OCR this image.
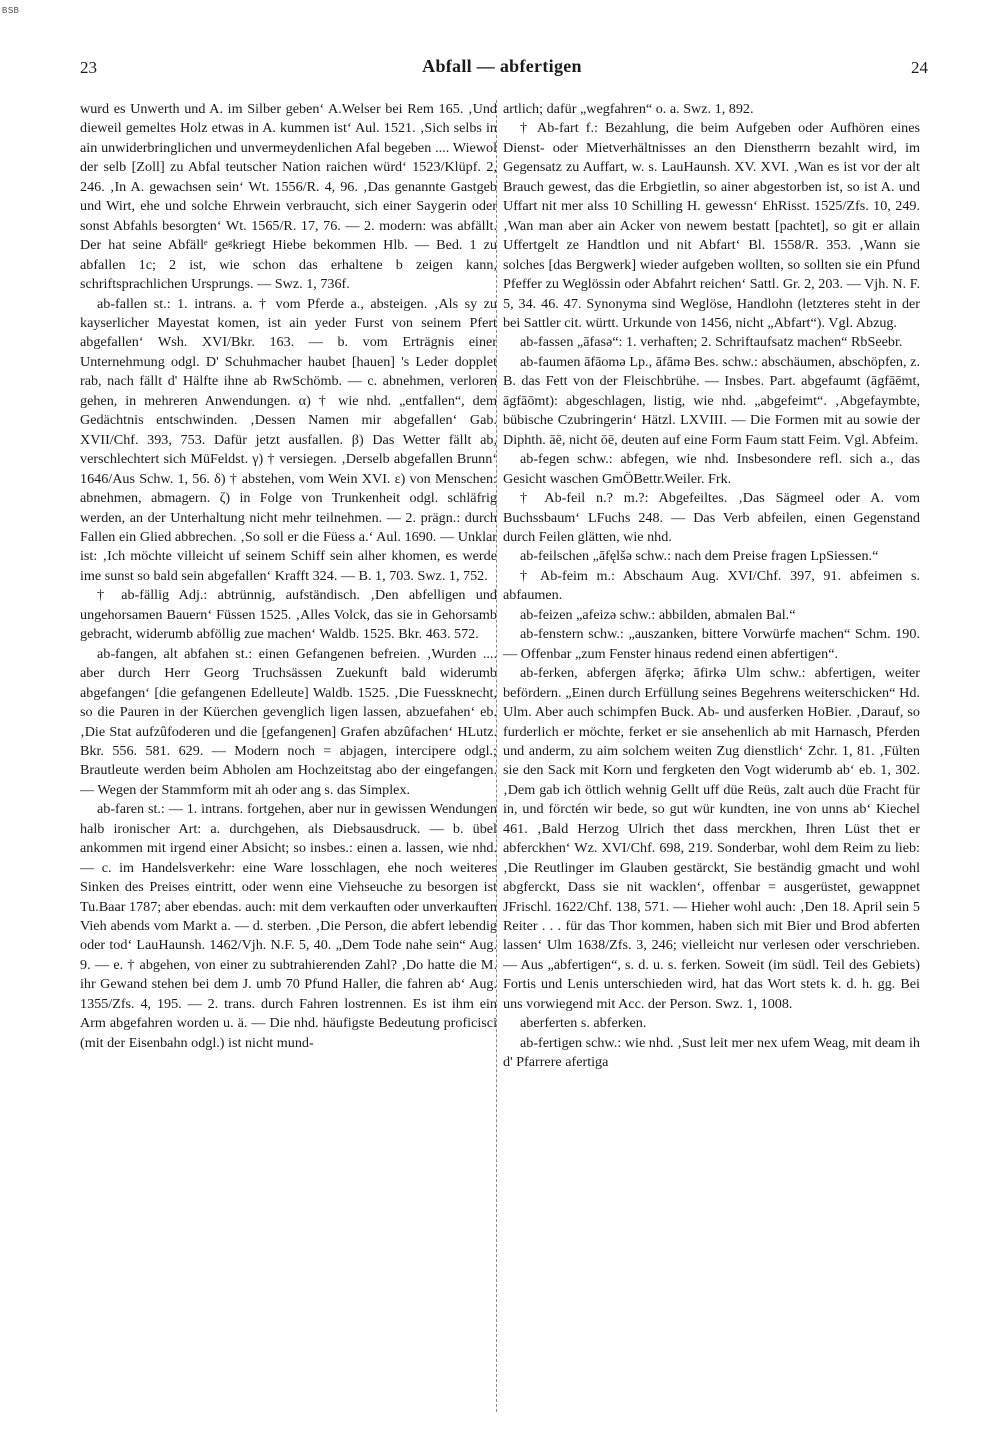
BSB
23	Abfall — abfertigen	24

wurd es Unwerth und A. im Silber geben‘ A.Welser bei Rem 165. ‚Und dieweil gemeltes Holz etwas in A. kummen ist‘ Aul. 1521. ‚Sich selbs in ain unwiderbringlichen und unvermeydenlichen Afal begeben .... Wiewol der selb [Zoll] zu Abfal teutscher Nation raichen würd‘ 1523/Klüpf. 2, 246. ‚In A. gewachsen sein‘ Wt. 1556/R. 4, 96. ‚Das genannte Gastgeb und Wirt, ehe und solche Ehrwein verbraucht, sich einer Saygerin oder sonst Abfahls besorgten‘ Wt. 1565/R. 17, 76. — 2. modern: was abfällt. Der hat seine Abfällᵉ geᵍkriegt Hiebe bekommen Hlb. — Bed. 1 zu abfallen 1c; 2 ist, wie schon das erhaltene b zeigen kann, schriftsprachlichen Ursprungs. — Swz. 1, 736f.

ab-fallen st.: 1. intrans. a. † vom Pferde a., absteigen. ‚Als sy zu kayserlicher Mayestat komen, ist ain yeder Furst von seinem Pfert abgefallen‘ Wsh. XVI/Bkr. 163. — b. vom Erträgnis einer Unternehmung odgl. D' Schuhmacher haubet [hauen] 's Leder dopplet rab, nach fällt d' Hälfte ihne ab RwSchömb. — c. abnehmen, verloren gehen, in mehreren Anwendungen. α) † wie nhd. „entfallen“, dem Gedächtnis entschwinden. ‚Dessen Namen mir abgefallen‘ Gab. XVII/Chf. 393, 753. Dafür jetzt ausfallen. β) Das Wetter fällt ab, verschlechtert sich MüFeldst. γ) † versiegen. ‚Derselb abgefallen Brunn‘ 1646/Aus Schw. 1, 56. δ) † abstehen, vom Wein XVI. ε) von Menschen: abnehmen, abmagern. ζ) in Folge von Trunkenheit odgl. schläfrig werden, an der Unterhaltung nicht mehr teilnehmen. — 2. prägn.: durch Fallen ein Glied abbrechen. ‚So soll er die Füess a.‘ Aul. 1690. — Unklar ist: ‚Ich möchte villeicht uf seinem Schiff sein alher khomen, es werde ime sunst so bald sein abgefallen‘ Krafft 324. — B. 1, 703. Swz. 1, 752.

† ab-fällig Adj.: abtrünnig, aufständisch. ‚Den abfelligen und ungehorsamen Bauern‘ Füssen 1525. ‚Alles Volck, das sie in Gehorsamb gebracht, widerumb abföllig zue machen‘ Waldb. 1525. Bkr. 463. 572.

ab-fangen, alt abfahen st.: einen Gefangenen befreien. ‚Wurden .... aber durch Herr Georg Truchsässen Zuekunft bald widerumb abgefangen‘ [die gefangenen Edelleute] Waldb. 1525. ‚Die Fuessknecht, so die Pauren in der Küerchen gevenglich ligen lassen, abzuefahen‘ eb. ‚Die Stat aufzûfoderen und die [gefangenen] Grafen abzûfachen‘ HLutz. Bkr. 556. 581. 629. — Modern noch = abjagen, intercipere odgl.; Brautleute werden beim Abholen am Hochzeitstag abo der eingefangen. — Wegen der Stammform mit ah oder ang s. das Simplex.

ab-faren st.: — 1. intrans. fortgehen, aber nur in gewissen Wendungen halb ironischer Art: a. durchgehen, als Diebsausdruck. — b. übel ankommen mit irgend einer Absicht; so insbes.: einen a. lassen, wie nhd. — c. im Handelsverkehr: eine Ware losschlagen, ehe noch weiteres Sinken des Preises eintritt, oder wenn eine Viehseuche zu besorgen ist Tu.Baar 1787; aber ebendas. auch: mit dem verkauften oder unverkauften Vieh abends vom Markt a. — d. sterben. ‚Die Person, die abfert lebendig oder tod‘ LauHaunsh. 1462/Vjh. N.F. 5, 40. „Dem Tode nahe sein“ Aug. 9. — e. † abgehen, von einer zu subtrahierenden Zahl? ‚Do hatte die M. ihr Gewand stehen bei dem J. umb 70 Pfund Haller, die fahren ab‘ Aug. 1355/Zfs. 4, 195. — 2. trans. durch Fahren lostrennen. Es ist ihm ein Arm abgefahren worden u. ä. — Die nhd. häufigste Bedeutung proficisci (mit der Eisenbahn odgl.) ist nicht mund-

artlich; dafür „wegfahren“ o. a. Swz. 1, 892.

† Ab-fart f.: Bezahlung, die beim Aufgeben oder Aufhören eines Dienst- oder Mietverhältnisses an den Dienstherrn bezahlt wird, im Gegensatz zu Auffart, w. s. LauHaunsh. XV. XVI. ‚Wan es ist vor der alt Brauch gewest, das die Erbgietlin, so ainer abgestorben ist, so ist A. und Uffart nit mer alss 10 Schilling H. gewessn‘ EhRisst. 1525/Zfs. 10, 249. ‚Wan man aber ain Acker von newem bestatt [pachtet], so git er allain Uffertgelt ze Handtlon und nit Abfart‘ Bl. 1558/R. 353. ‚Wann sie solches [das Bergwerk] wieder aufgeben wollten, so sollten sie ein Pfund Pfeffer zu Weglössin oder Abfahrt reichen‘ Sattl. Gr. 2, 203. — Vjh. N. F. 5, 34. 46. 47. Synonyma sind Weglöse, Handlohn (letzteres steht in der bei Sattler cit. württ. Urkunde von 1456, nicht „Abfart“). Vgl. Abzug.

ab-fassen „āfasə“: 1. verhaften; 2. Schriftaufsatz machen“ RbSeebr.

ab-faumen āfāomə Lp., āfāmə Bes. schw.: abschäumen, abschöpfen, z. B. das Fett von der Fleischbrühe. — Insbes. Part. abgefaumt (āgfāēmt, āgfāōmt): abgeschlagen, listig, wie nhd. „abgefeimt“. ‚Abgefaymbte, bübische Czubringerin‘ Hätzl. LXVIII. — Die Formen mit au sowie der Diphth. āē, nicht ōē, deuten auf eine Form Faum statt Feim. Vgl. Abfeim.

ab-fegen schw.: abfegen, wie nhd. Insbesondere refl. sich a., das Gesicht waschen GmÖBettr.Weiler. Frk.

† Ab-feil n.? m.?: Abgefeiltes. ‚Das Sägmeel oder A. vom Buchssbaum‘ LFuchs 248. — Das Verb abfeilen, einen Gegenstand durch Feilen glätten, wie nhd.

ab-feilschen „āfęlšə schw.: nach dem Preise fragen LpSiessen.“

† Ab-feim m.: Abschaum Aug. XVI/Chf. 397, 91. abfeimen s. abfaumen.

ab-feizen „afeizə schw.: abbilden, abmalen Bal.“

ab-fenstern schw.: „auszanken, bittere Vorwürfe machen“ Schm. 190. — Offenbar „zum Fenster hinaus redend einen abfertigen“.

ab-ferken, abfergen āfęrkə; āfirkə Ulm schw.: abfertigen, weiter befördern. „Einen durch Erfüllung seines Begehrens weiterschicken“ Hd. Ulm. Aber auch schimpfen Buck. Ab- und ausferken HoBier. ‚Darauf, so furderlich er möchte, ferket er sie ansehenlich ab mit Harnasch, Pferden und anderm, zu aim solchem weiten Zug dienstlich‘ Zchr. 1, 81. ‚Fülten sie den Sack mit Korn und fergketen den Vogt widerumb ab‘ eb. 1, 302. ‚Dem gab ich öttlich wehnig Gellt uff düe Reüs, zalt auch düe Fracht für in, und förctén wir bede, so gut wür kundten, ine von unns ab‘ Kiechel 461. ‚Bald Herzog Ulrich thet dass merckhen, Ihren Lüst thet er abferckhen‘ Wz. XVI/Chf. 698, 219. Sonderbar, wohl dem Reim zu lieb: ‚Die Reutlinger im Glauben gestärckt, Sie beständig gmacht und wohl abgferckt, Dass sie nit wacklen‘, offenbar = ausgerüstet, gewappnet JFrischl. 1622/Chf. 138, 571. — Hieher wohl auch: ‚Den 18. April sein 5 Reiter . . . für das Thor kommen, haben sich mit Bier und Brod abferten lassen‘ Ulm 1638/Zfs. 3, 246; vielleicht nur verlesen oder verschrieben. — Aus „abfertigen“, s. d. u. s. ferken. Soweit (im südl. Teil des Gebiets) Fortis und Lenis unterschieden wird, hat das Wort stets k. d. h. gg. Bei uns vorwiegend mit Acc. der Person. Swz. 1, 1008.

aberferten s. abferken.

ab-fertigen schw.: wie nhd. ‚Sust leit mer nex ufem Weag, mit deam ih d' Pfarrere afertiga
